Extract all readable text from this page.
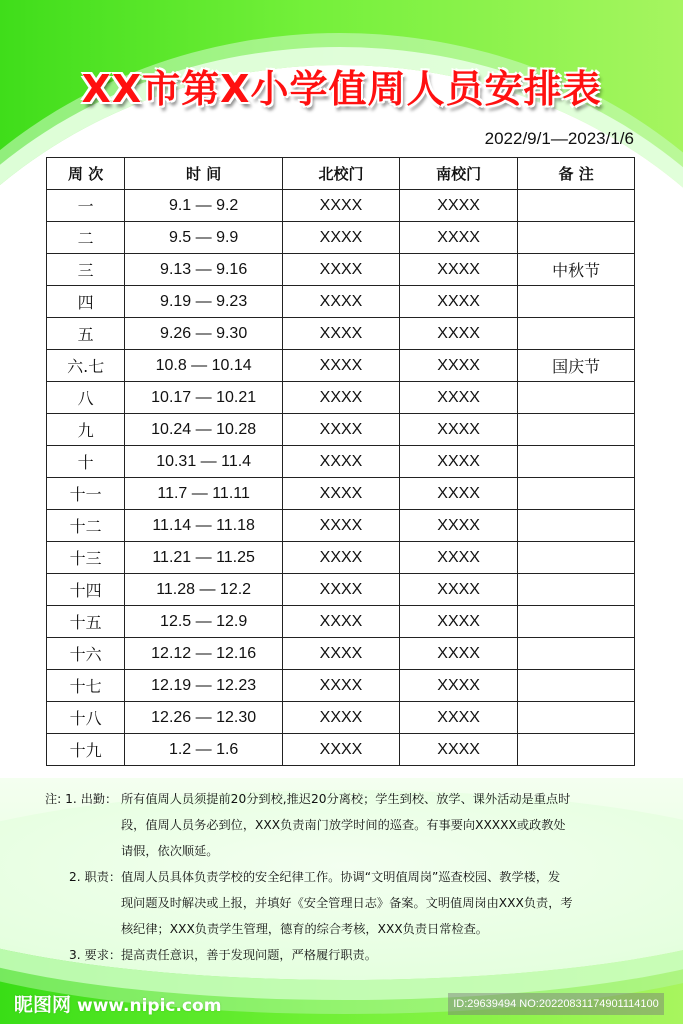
XX市第X小学值周人员安排表
2022/9/1—2023/1/6
周 次	时 间	北校门	南校门	备 注
一	9.1 — 9.2	XXXX	XXXX	
二	9.5 — 9.9	XXXX	XXXX	
三	9.13 — 9.16	XXXX	XXXX	中秋节
四	9.19 — 9.23	XXXX	XXXX	
五	9.26 — 9.30	XXXX	XXXX	
六.七	10.8 — 10.14	XXXX	XXXX	国庆节
八	10.17 — 10.21	XXXX	XXXX	
九	10.24 — 10.28	XXXX	XXXX	
十	10.31 — 11.4	XXXX	XXXX	
十一	11.7 — 11.11	XXXX	XXXX	
十二	11.14 — 11.18	XXXX	XXXX	
十三	11.21 — 11.25	XXXX	XXXX	
十四	11.28 — 12.2	XXXX	XXXX	
十五	12.5 — 12.9	XXXX	XXXX	
十六	12.12 — 12.16	XXXX	XXXX	
十七	12.19 — 12.23	XXXX	XXXX	
十八	12.26 — 12.30	XXXX	XXXX	
十九	1.2 — 1.6	XXXX	XXXX	
注: 1. 出勤： 所有值周人员须提前20分到校,推迟20分离校；学生到校、放学、课外活动是重点时
段，值周人员务必到位，XXX负责南门放学时间的巡查。有事要向XXXXX或政教处
请假，依次顺延。
2. 职责： 值周人员具体负责学校的安全纪律工作。协调“文明值周岗”巡查校园、教学楼，发
现问题及时解决或上报，并填好《安全管理日志》备案。文明值周岗由XXX负责，考
核纪律；XXX负责学生管理，德育的综合考核，XXX负责日常检查。
3. 要求： 提高责任意识，善于发现问题，严格履行职责。
昵图网 www.nipic.com	ID:29639494 NO:20220831174901114100
